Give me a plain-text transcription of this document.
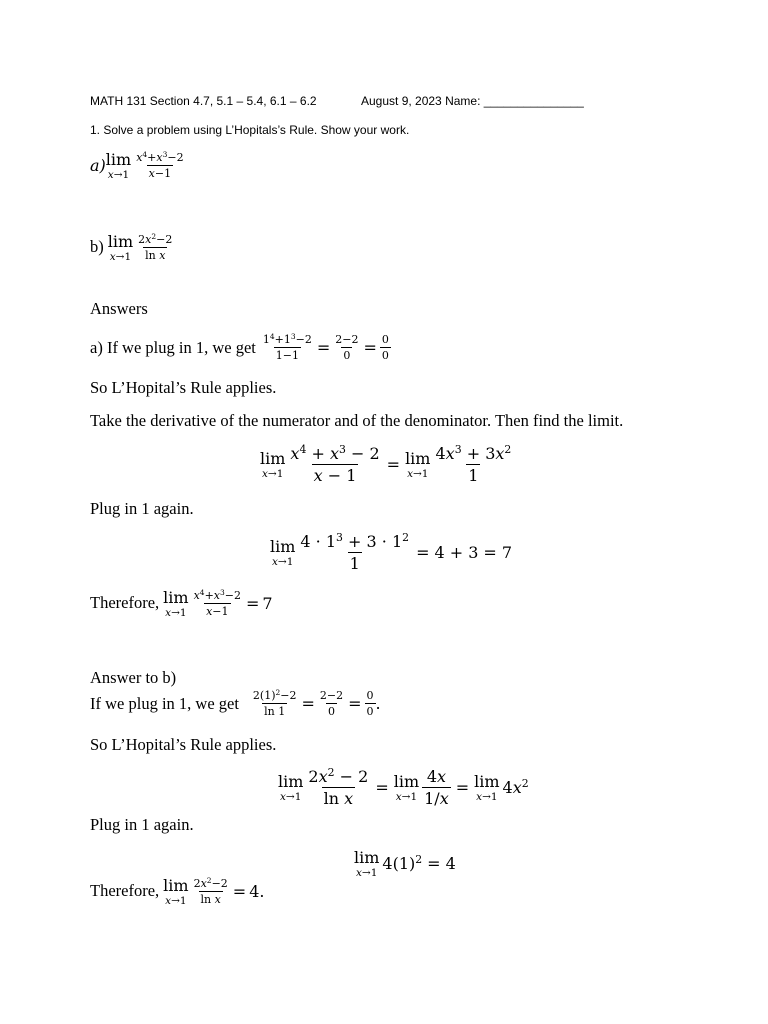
MATH 131 Section 4.7, 5.1 – 5.4, 6.1 – 6.2	August 9, 2023 Name: _______________
1. Solve a problem using L’Hopitals’s Rule. Show your work.
a) lim
$x\to 1 \frac{x^4+x^3-2}{x-1}$
b) lim
$x\to 1 \frac{2x^2-2}{\text{ln x}}$
Answers
a) If we plug in 1, we get $\frac{1^4+1^3-2}{1-1} = \frac{2-2}{0} = \frac{0}{0}$
So L’Hopital’s Rule applies.
Take the derivative of the numerator and of the denominator. Then find the limit.
lim
$x\to 1 \frac{x^4 + x^3 - 2}{x - 1} = \lim$
$x\to 1 \frac{4x^3 + 3x^2}{1}$
Plug in 1 again.
lim
$x\to 1 \frac{4 \cdot 1^3 + 3 \cdot 1^2}{1} = 4 + 3 = 7$
Therefore, lim
$x\to 1 \frac{x^4+x^3-2}{x-1} = 7$
Answer to b)
If we plug in 1, we get $\frac{2(1)^2-2}{\ln 1} = \frac{2-2}{0} = \frac{0}{0}$ .
So L’Hopital’s Rule applies.
lim
$x\to 1 \frac{2x^2 - 2}{\text{ln x}} = \lim$
$x\to 1 \frac{4x}{1/x} = \lim$
x→1
$4x^2$
Plug in 1 again.
lim
x→1
$4(1)^2 = 4$
Therefore, lim
$x\to 1 \frac{2x^2-2}{\text{ln x}} = 4$ .
